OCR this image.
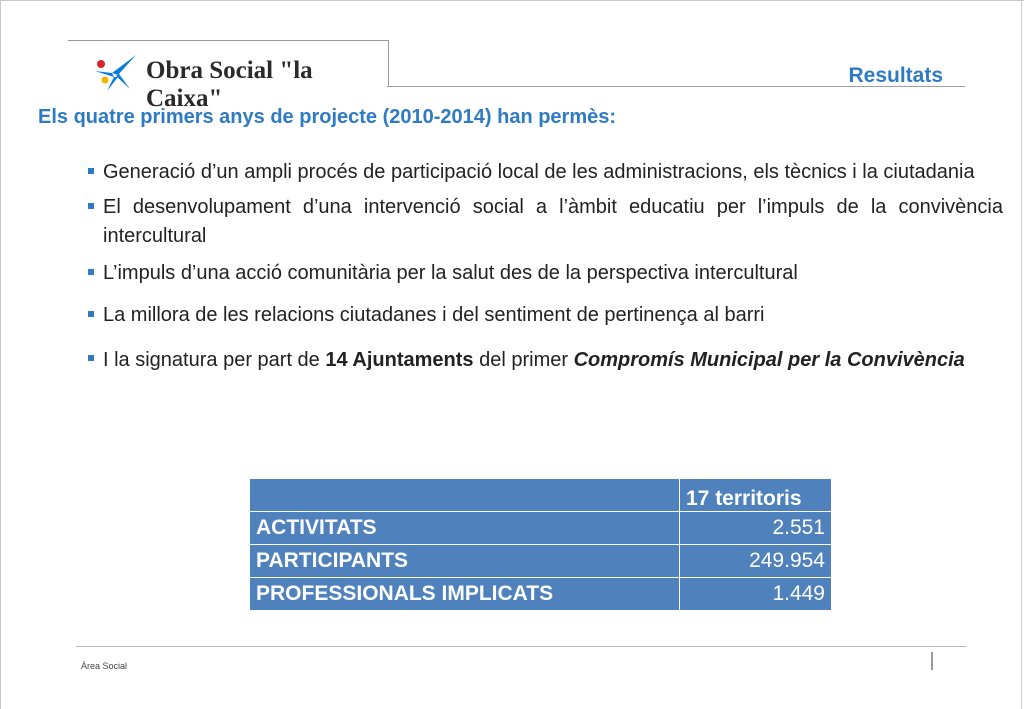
Obra Social "la Caixa"
Resultats
Els quatre primers anys de projecte (2010-2014) han permès:
Generació d’un ampli procés de participació local de les administracions, els tècnics i la ciutadania
El desenvolupament d’una intervenció social a l’àmbit educatiu per l’impuls de la convivència intercultural
L’impuls d’una acció comunitària per la salut des de la perspectiva intercultural
La millora de les relacions ciutadanes i del sentiment de pertinença al barri
I la signatura per part de 14 Ajuntaments del primer Compromís Municipal per la Convivència
	17 territoris
ACTIVITATS	2.551
PARTICIPANTS	249.954
PROFESSIONALS IMPLICATS	1.449
Àrea Social
